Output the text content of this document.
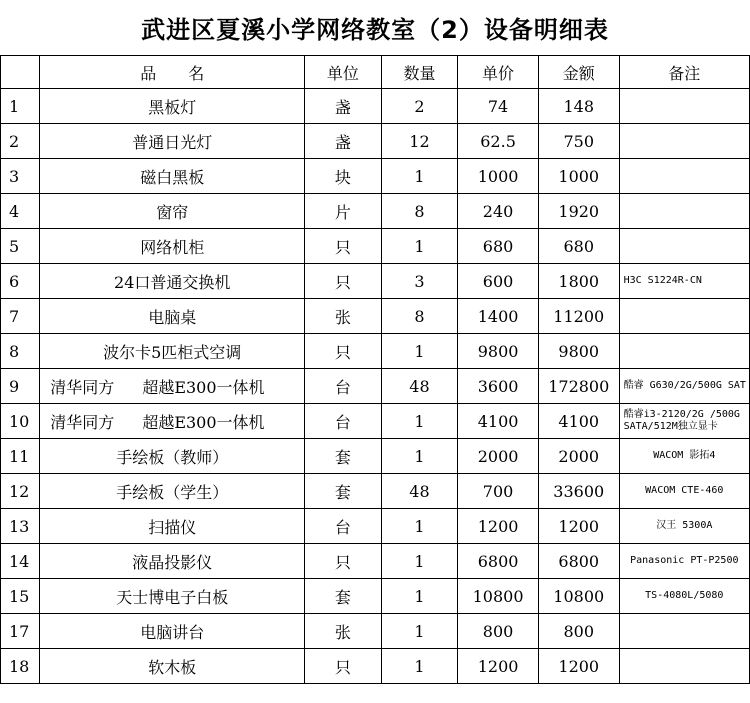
武进区夏溪小学网络教室（2）设备明细表
	品　　名	单位	数量	单价	金额	备注
1	黑板灯	盏	2	74	148	
2	普通日光灯	盏	12	62.5	750	
3	磁白黑板	块	1	1000	1000	
4	窗帘	片	8	240	1920	
5	网络机柜	只	1	680	680	
6	24口普通交换机	只	3	600	1800	H3C S1224R-CN
7	电脑桌	张	8	1400	11200	
8	波尔卡5匹柜式空调	只	1	9800	9800	
9	清华同方 超越E300一体机	台	48	3600	172800	酷睿 G630/2G/500G SAT
10	清华同方 超越E300一体机	台	1	4100	4100	酷睿i3-2120/2G /500G SATA/512M独立显卡
11	手绘板（教师）	套	1	2000	2000	WACOM 影拓4
12	手绘板（学生）	套	48	700	33600	WACOM CTE-460
13	扫描仪	台	1	1200	1200	汉王 5300A
14	液晶投影仪	只	1	6800	6800	Panasonic PT-P2500
15	天士博电子白板	套	1	10800	10800	TS-4080L/5080
17	电脑讲台	张	1	800	800	
18	软木板	只	1	1200	1200	
